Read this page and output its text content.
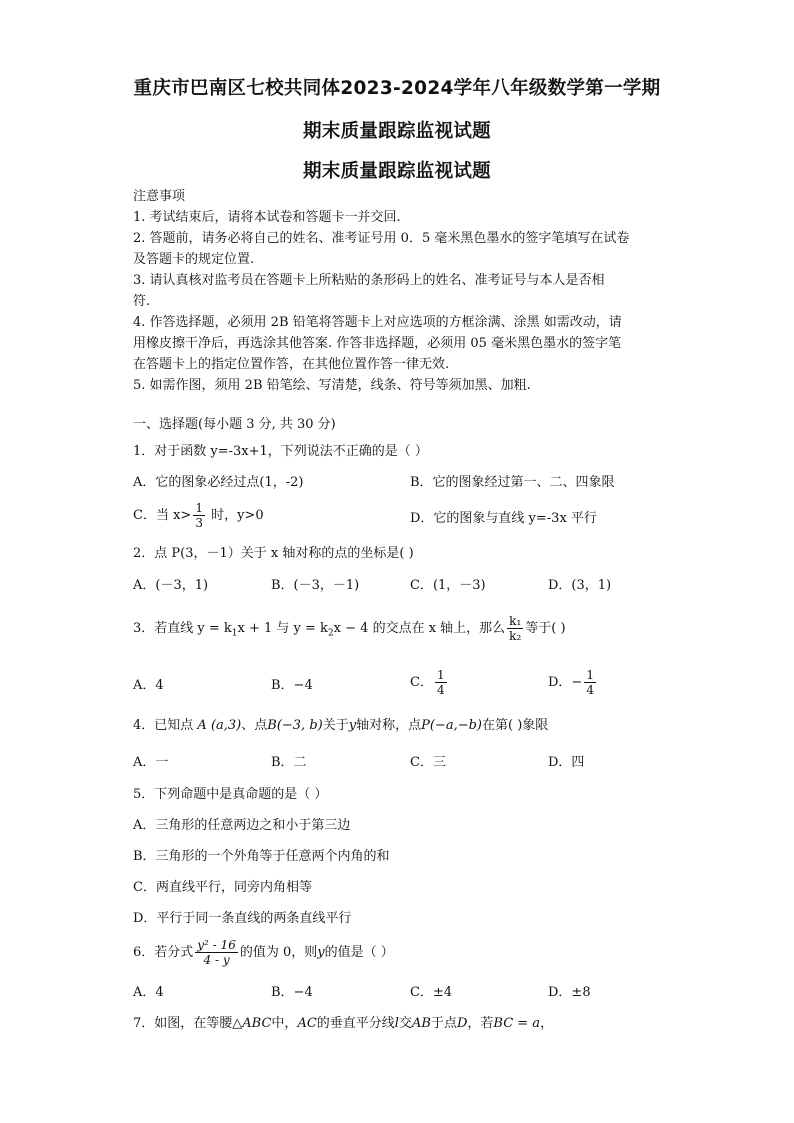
重庆市巴南区七校共同体2023-2024学年八年级数学第一学期
期末质量跟踪监视试题
期末质量跟踪监视试题
注意事项
1. 考试结束后，请将本试卷和答题卡一并交回.
2. 答题前，请务必将自己的姓名、准考证号用 0．5 毫米黑色墨水的签字笔填写在试卷
及答题卡的规定位置.
3. 请认真核对监考员在答题卡上所粘贴的条形码上的姓名、准考证号与本人是否相
符.
4. 作答选择题，必须用 2B 铅笔将答题卡上对应选项的方框涂满、涂黑 如需改动，请
用橡皮擦干净后，再选涂其他答案. 作答非选择题，必须用 05 毫米黑色墨水的签字笔
在答题卡上的指定位置作答，在其他位置作答一律无效.
5. 如需作图，须用 2B 铅笔绘、写清楚，线条、符号等须加黑、加粗.
一、选择题(每小题 3 分, 共 30 分)
1．对于函数 y=-3x+1，下列说法不正确的是（ ）
A．它的图象必经过点(1，-2)	B．它的图象经过第一、二、四象限
C．当 $x> \frac{1}{3}$ 时，y>0	D．它的图象与直线 y=-3x 平行
2．点 P(3，－1）关于 x 轴对称的点的坐标是( )
A．(－3，1)	B．(－3，－1)	C．(1，－3)	D．(3，1)
3．若直线 $y = k_1x + 1$ 与 $y = k_2x - 4$ 的交点在 x 轴上，那么 $\frac{\text{k₁}}{\text{k₂}}$ 等于( )
A．4	B．−4	C． $\frac{1}{4}$	D．− $\frac{1}{4}$
4．已知点 A (a,3)、点B(−3, b)关于y轴对称，点P(−a,−b)在第( )象限
A．一	B．二	C．三	D．四
5．下列命题中是真命题的是（ ）
A．三角形的任意两边之和小于第三边
B．三角形的一个外角等于任意两个内角的和
C．两直线平行，同旁内角相等
D．平行于同一条直线的两条直线平行
6．若分式 $\frac{\text{y² - 16}}{4 - y}$ 的值为 0，则y的值是（ ）
A．4	B．−4	C．±4	D．±8
7．如图，在等腰△ABC中，AC的垂直平分线l交AB于点D，若BC = a，
